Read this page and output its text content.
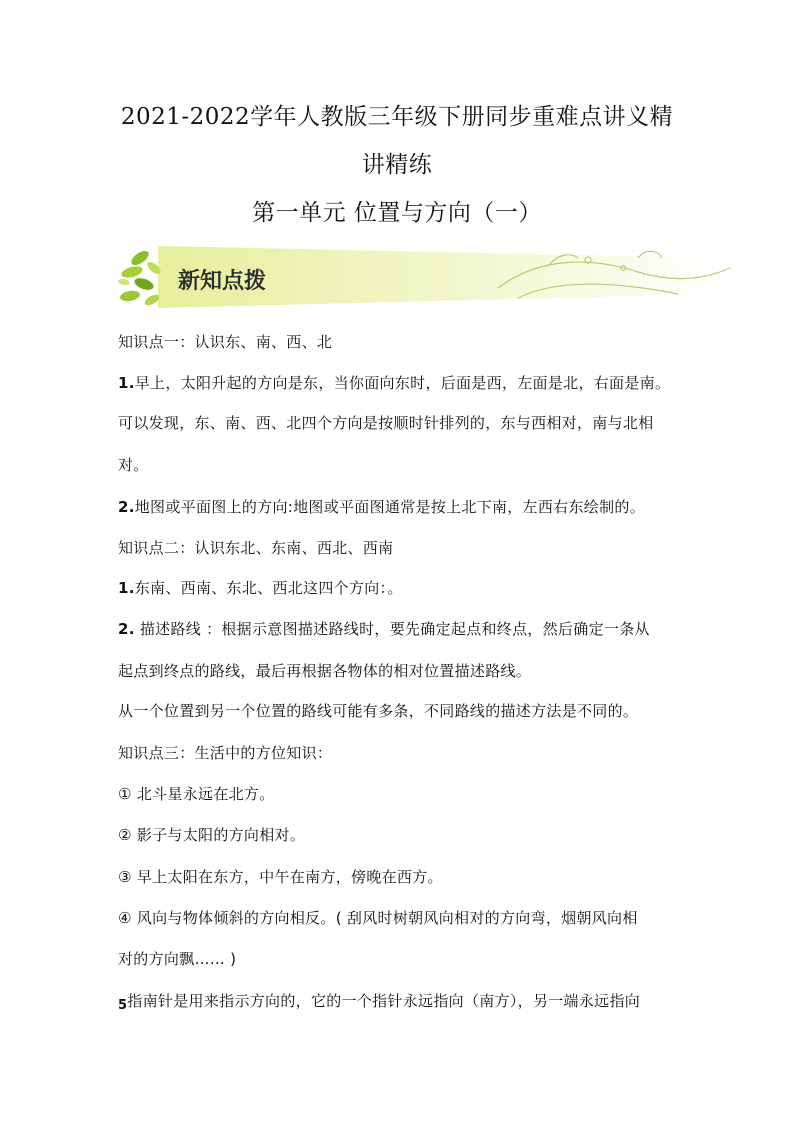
2021-2022学年人教版三年级下册同步重难点讲义精
讲精练
第一单元 位置与方向（一）
新知点拨
知识点一：认识东、南、西、北
1.早上，太阳升起的方向是东，当你面向东时，后面是西，左面是北，右面是南。
可以发现，东、南、西、北四个方向是按顺时针排列的，东与西相对，南与北相
对。
2.地图或平面图上的方向:地图或平面图通常是按上北下南，左西右东绘制的。
知识点二：认识东北、东南、西北、西南
1.东南、西南、东北、西北这四个方向：。
2. 描述路线 ：根据示意图描述路线时，要先确定起点和终点，然后确定一条从
起点到终点的路线，最后再根据各物体的相对位置描述路线。
从一个位置到另一个位置的路线可能有多条，不同路线的描述方法是不同的。
知识点三：生活中的方位知识：
① 北斗星永远在北方。
② 影子与太阳的方向相对。
③ 早上太阳在东方，中午在南方，傍晚在西方。
④ 风向与物体倾斜的方向相反。( 刮风时树朝风向相对的方向弯，烟朝风向相
对的方向飘…… )
5指南针是用来指示方向的，它的一个指针永远指向（南方），另一端永远指向
